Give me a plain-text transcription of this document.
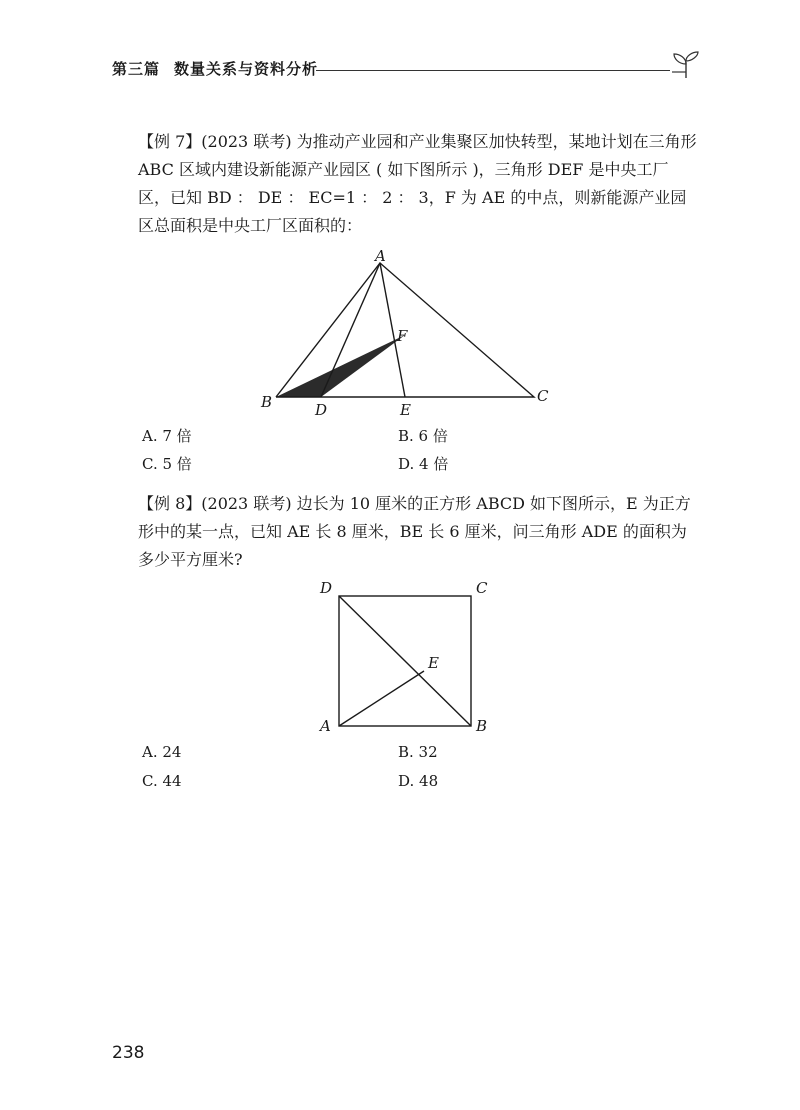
第三篇 数量关系与资料分析

【例 7】(2023 联考) 为推动产业园和产业集聚区加快转型，某地计划在三角形 ABC 区域内建设新能源产业园区 ( 如下图所示 )，三角形 DEF 是中央工厂区，已知 BD ： DE ： EC=1 ： 2 ： 3，F 为 AE 的中点，则新能源产业园区总面积是中央工厂区面积的：

A
B	C
D	E
F
A. 7 倍	B. 6 倍
C. 5 倍	D. 4 倍

【例 8】(2023 联考) 边长为 10 厘米的正方形 ABCD 如下图所示，E 为正方形中的某一点，已知 AE 长 8 厘米，BE 长 6 厘米，问三角形 ADE 的面积为多少平方厘米?

D	C
A	B
E
A. 24	B. 32
C. 44	D. 48
238
